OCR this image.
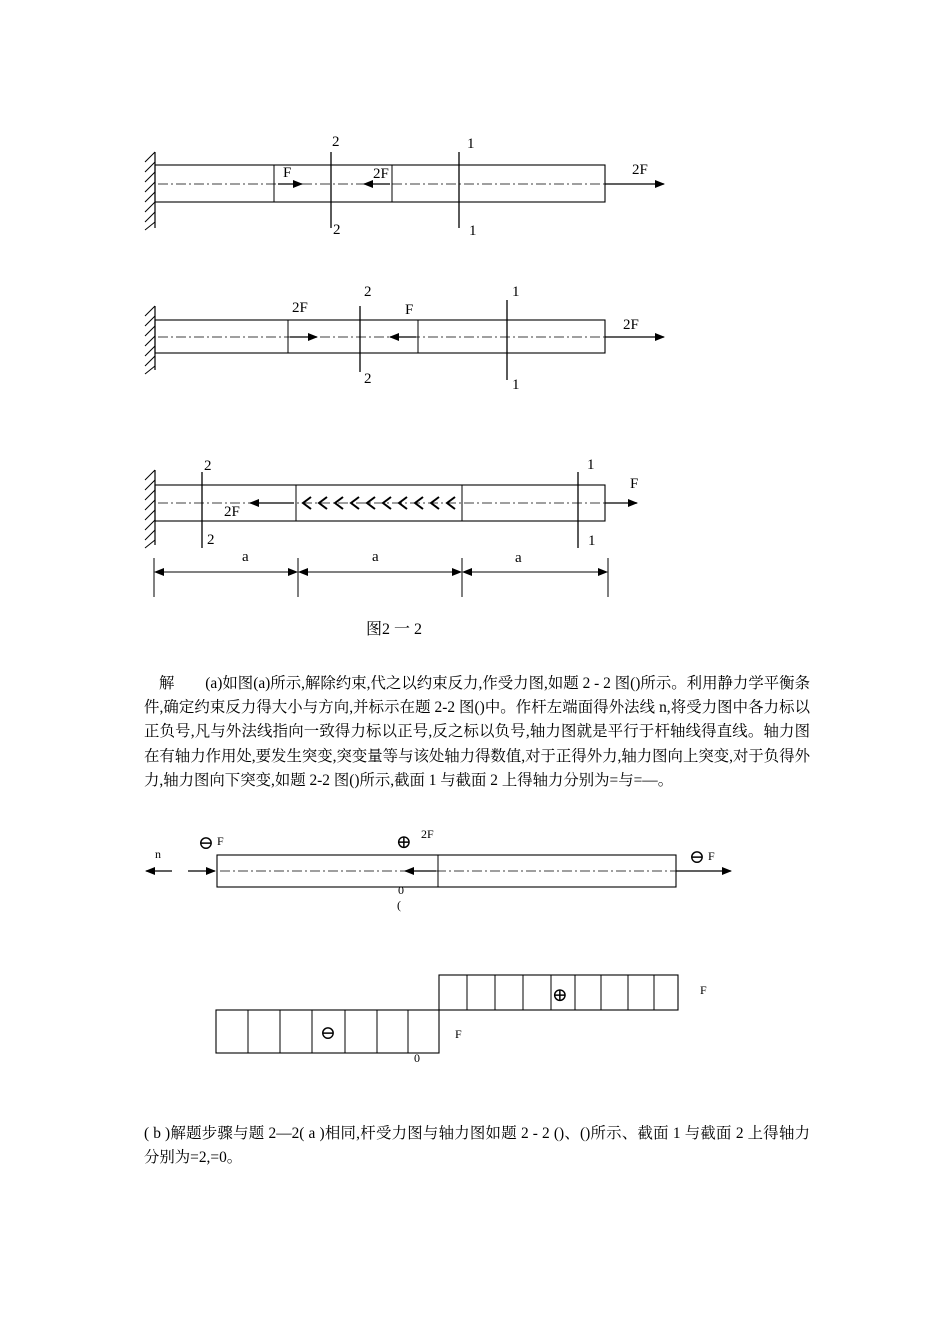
2
2
1
1
F	2F	2F
2
2
1
1
2F	F
2F
2
2
1
1
2F
F
a	a	a
n ⊖ F	⊕ 2F
⊖ F
0
(
⊕	F
⊖	F
0
图2 一 2
解　　(a)如图(a)所示,解除约束,代之以约束反力,作受力图,如题 2 - 2 图()所示。利用静力学平衡条件,确定约束反力得大小与方向,并标示在题 2-2 图()中。作杆左端面得外法线 n,将受力图中各力标以正负号,凡与外法线指向一致得力标以正号,反之标以负号,轴力图就是平行于杆轴线得直线。轴力图在有轴力作用处,要发生突变,突变量等与该处轴力得数值,对于正得外力,轴力图向上突变,对于负得外力,轴力图向下突变,如题 2-2 图()所示,截面 1 与截面 2 上得轴力分别为=与=—。
( b )解题步骤与题 2—2( a )相同,杆受力图与轴力图如题 2 - 2 ()、()所示、截面 1 与截面 2 上得轴力分别为=2,=0。
